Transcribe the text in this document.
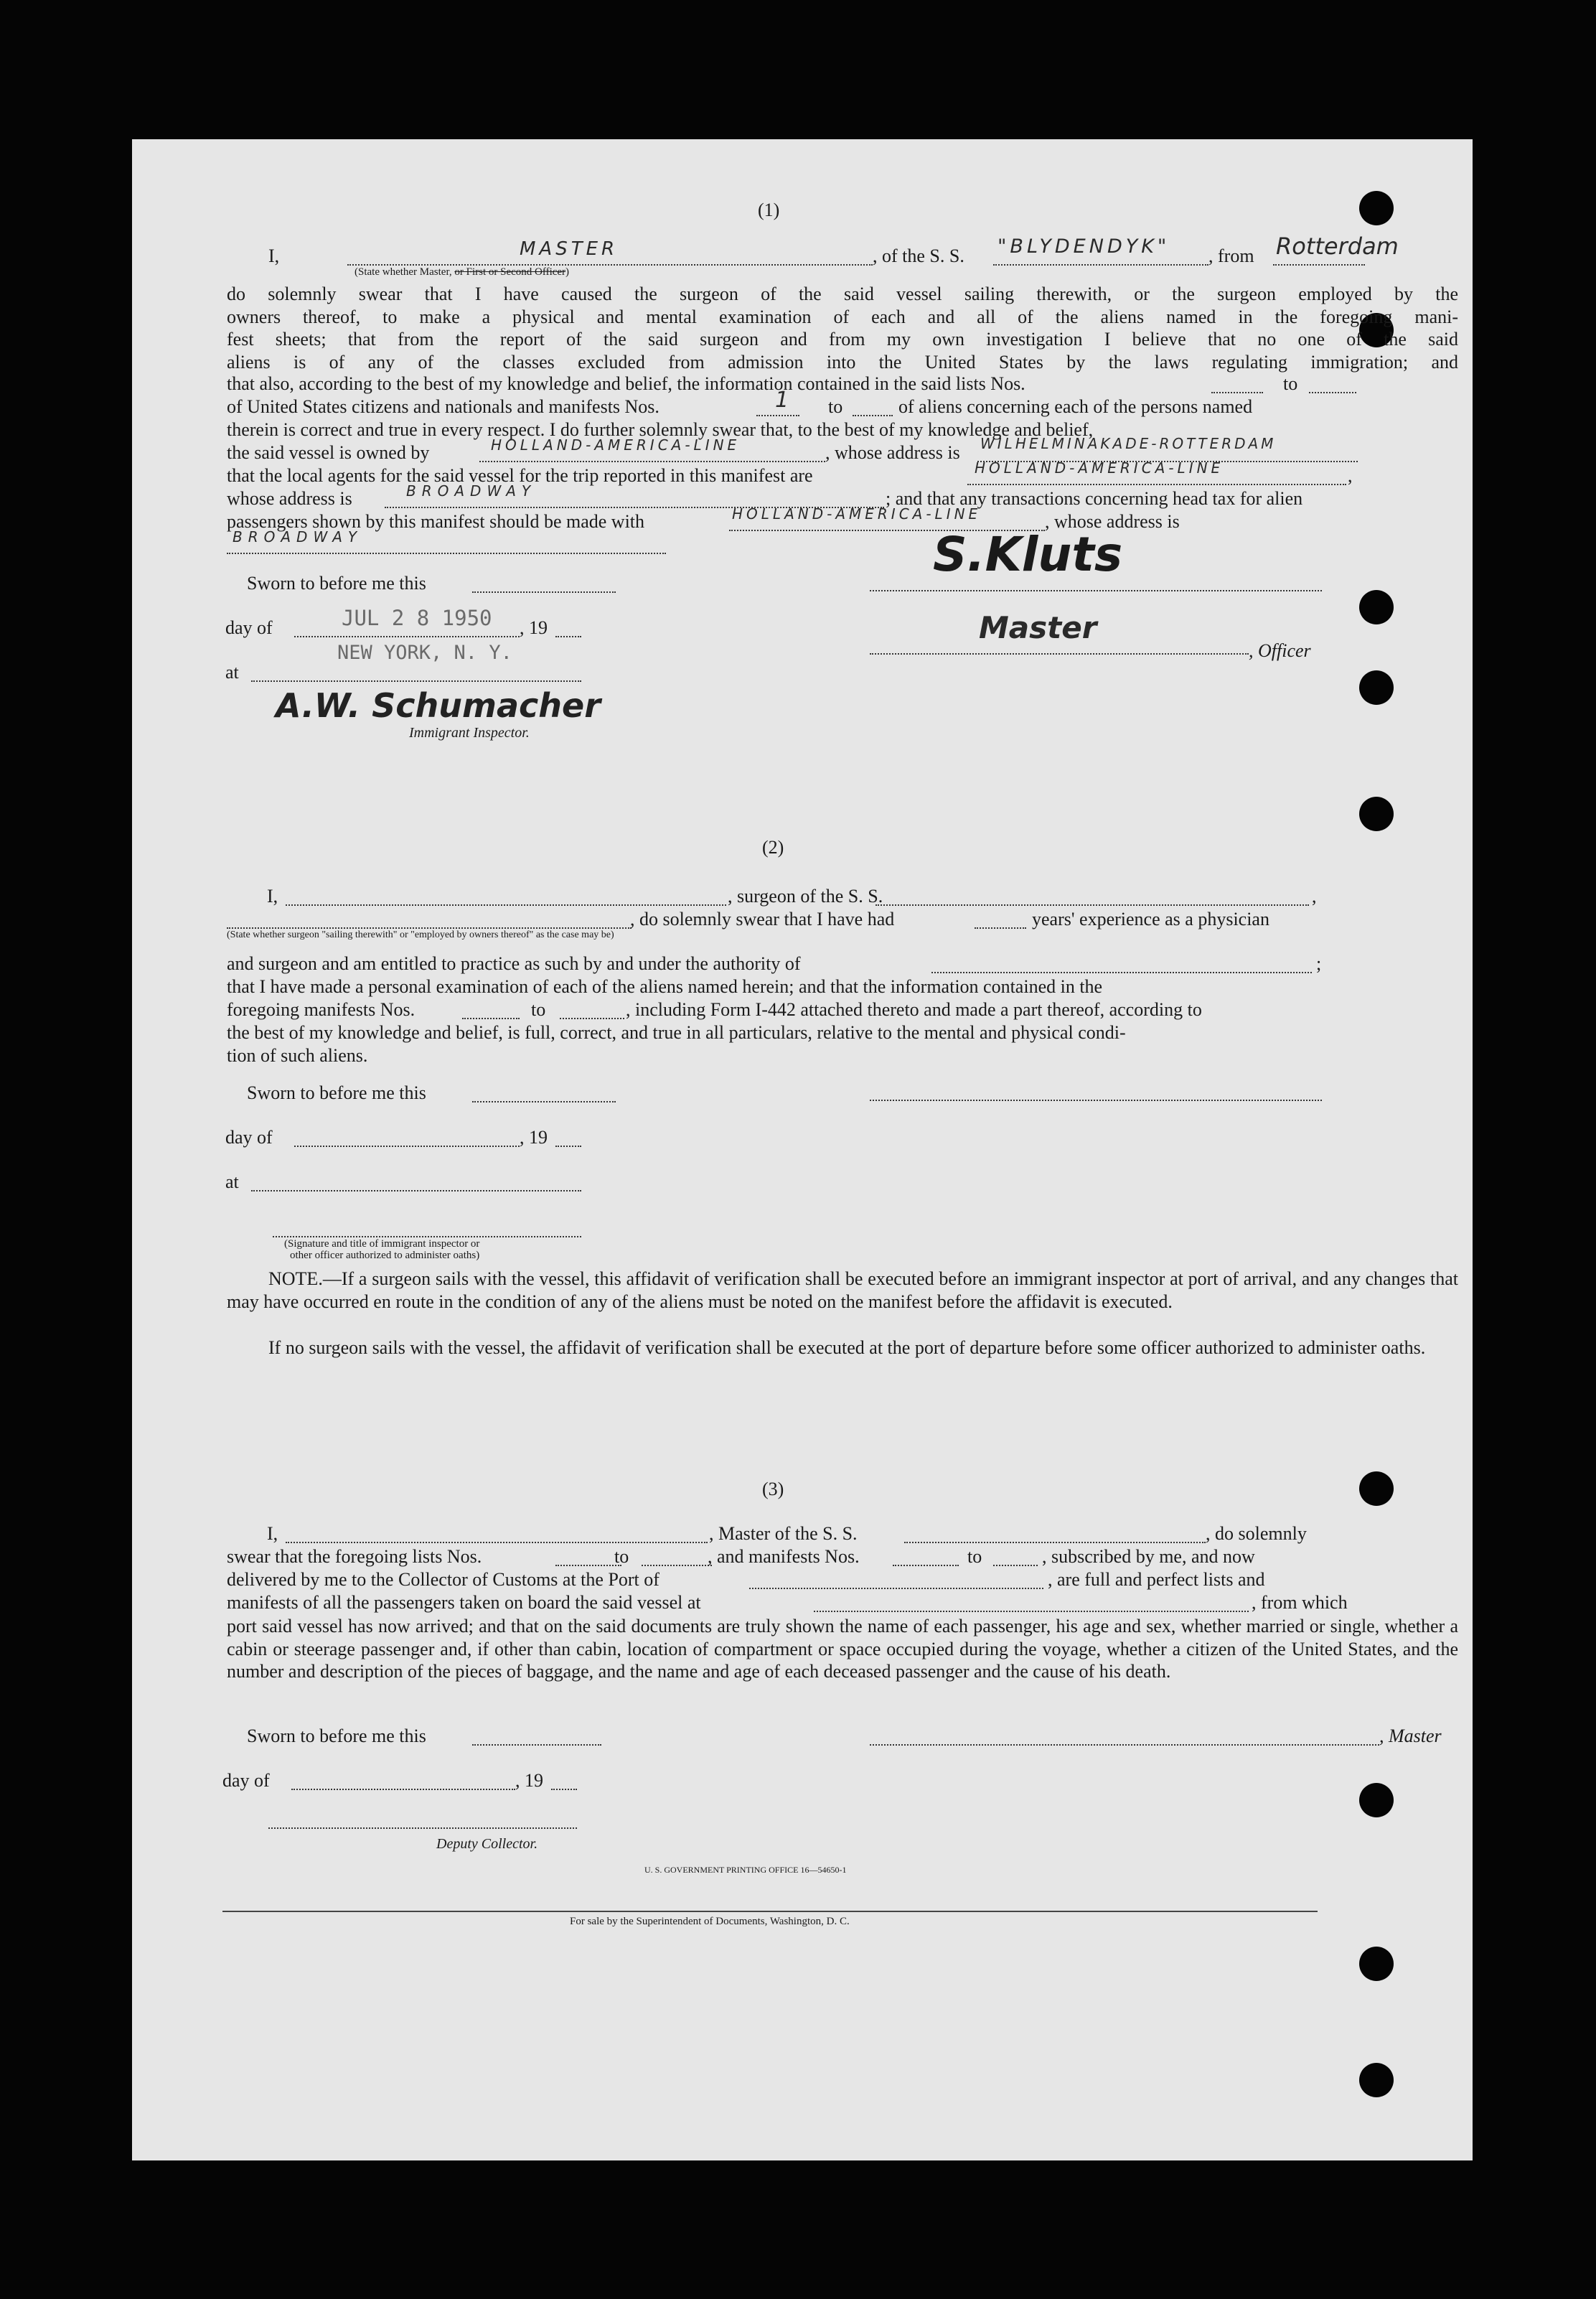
(1)
I,	MASTER
(State whether Master, or First or Second Officer)
, of the S. S. "BLYDENDYK" , from Rotterdam
do solemnly swear that I have caused the surgeon of the said vessel sailing therewith, or the surgeon employed by the
owners thereof, to make a physical and mental examination of each and all of the aliens named in the foregoing mani-
fest sheets; that from the report of the said surgeon and from my own investigation I believe that no one of the said
aliens is of any of the classes excluded from admission into the United States by the laws regulating immigration; and
that also, according to the best of my knowledge and belief, the information contained in the said lists Nos.	to
of United States citizens and nationals and manifests Nos.	1 to	of aliens concerning each of the persons named
therein is correct and true in every respect. I do further solemnly swear that, to the best of my knowledge and belief,
the said vessel is owned by	HOLLAND-AMERICA-LINE	, whose address is WILHELMINAKADE-ROTTERDAM
that the local agents for the said vessel for the trip reported in this manifest are	HOLLAND-AMERICA-LINE	,
whose address is	BROADWAY	; and that any transactions concerning head tax for alien
passengers shown by this manifest should be made with	HOLLAND-AMERICA-LINE	, whose address is
BROADWAY
Sworn to before me this
day of	JUL 2 8 1950 , 19
NEW YORK, N. Y.
at
A.W. Schumacher
Immigrant Inspector.
S.Kluts
Master
, Officer
(2)
I,	, surgeon of the S. S.	,
, do solemnly swear that I have had	years' experience as a physician
(State whether surgeon "sailing therewith" or "employed by owners thereof" as the case may be)
and surgeon and am entitled to practice as such by and under the authority of	;
that I have made a personal examination of each of the aliens named herein; and that the information contained in the
foregoing manifests Nos.	to	, including Form I-442 attached thereto and made a part thereof, according to
the best of my knowledge and belief, is full, correct, and true in all particulars, relative to the mental and physical condi-
tion of such aliens.
Sworn to before me this
day of	, 19
at
(Signature and title of immigrant inspector or
other officer authorized to administer oaths)
NOTE.—If a surgeon sails with the vessel, this affidavit of verification shall be executed before an immigrant inspector at port of arrival, and any changes that may have occurred en route in the condition of any of the aliens must be noted on the manifest before the affidavit is executed.
If no surgeon sails with the vessel, the affidavit of verification shall be executed at the port of departure before some officer authorized to administer oaths.
(3)
I,	, Master of the S. S.	, do solemnly
swear that the foregoing lists Nos.	to	, and manifests Nos.	to	, subscribed by me, and now
delivered by me to the Collector of Customs at the Port of	, are full and perfect lists and
manifests of all the passengers taken on board the said vessel at	, from which
port said vessel has now arrived; and that on the said documents are truly shown the name of each passenger, his age and sex, whether married or single, whether a cabin or steerage passenger and, if other than cabin, location of compartment or space occupied during the voyage, whether a citizen of the United States, and the number and description of the pieces of baggage, and the name and age of each deceased passenger and the cause of his death.
Sworn to before me this	, Master
day of	, 19
Deputy Collector.
U. S. GOVERNMENT PRINTING OFFICE 16—54650-1
For sale by the Superintendent of Documents, Washington, D. C.
